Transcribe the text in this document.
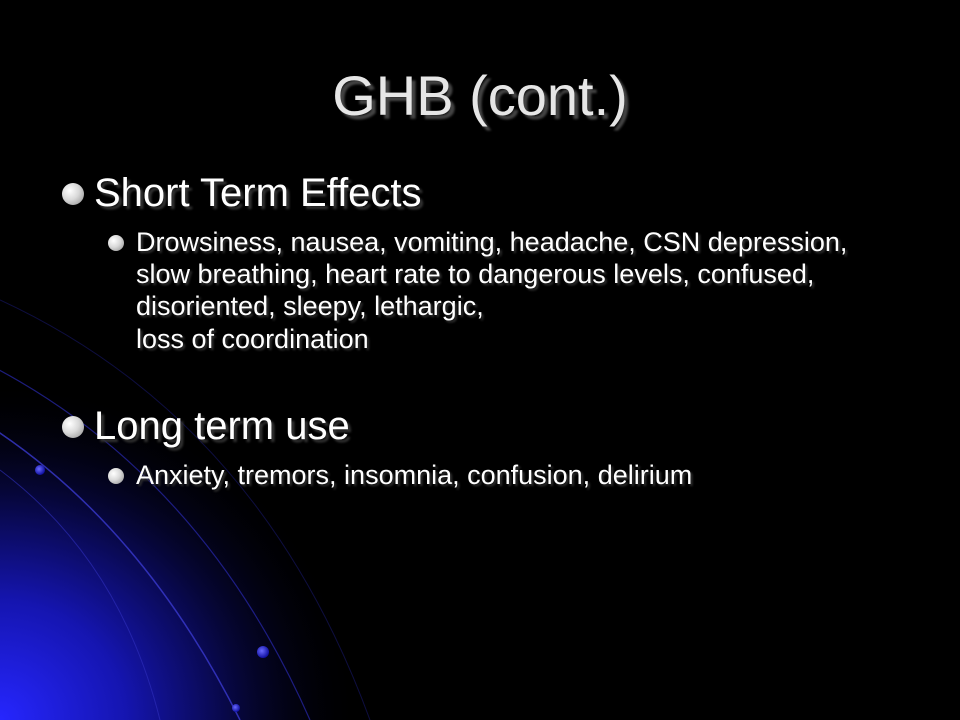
GHB (cont.)
Short Term Effects
Drowsiness, nausea, vomiting, headache, CSN depression, slow breathing, heart rate to dangerous levels, confused, disoriented, sleepy, lethargic,
loss of coordination
Long term use
Anxiety, tremors, insomnia, confusion, delirium
